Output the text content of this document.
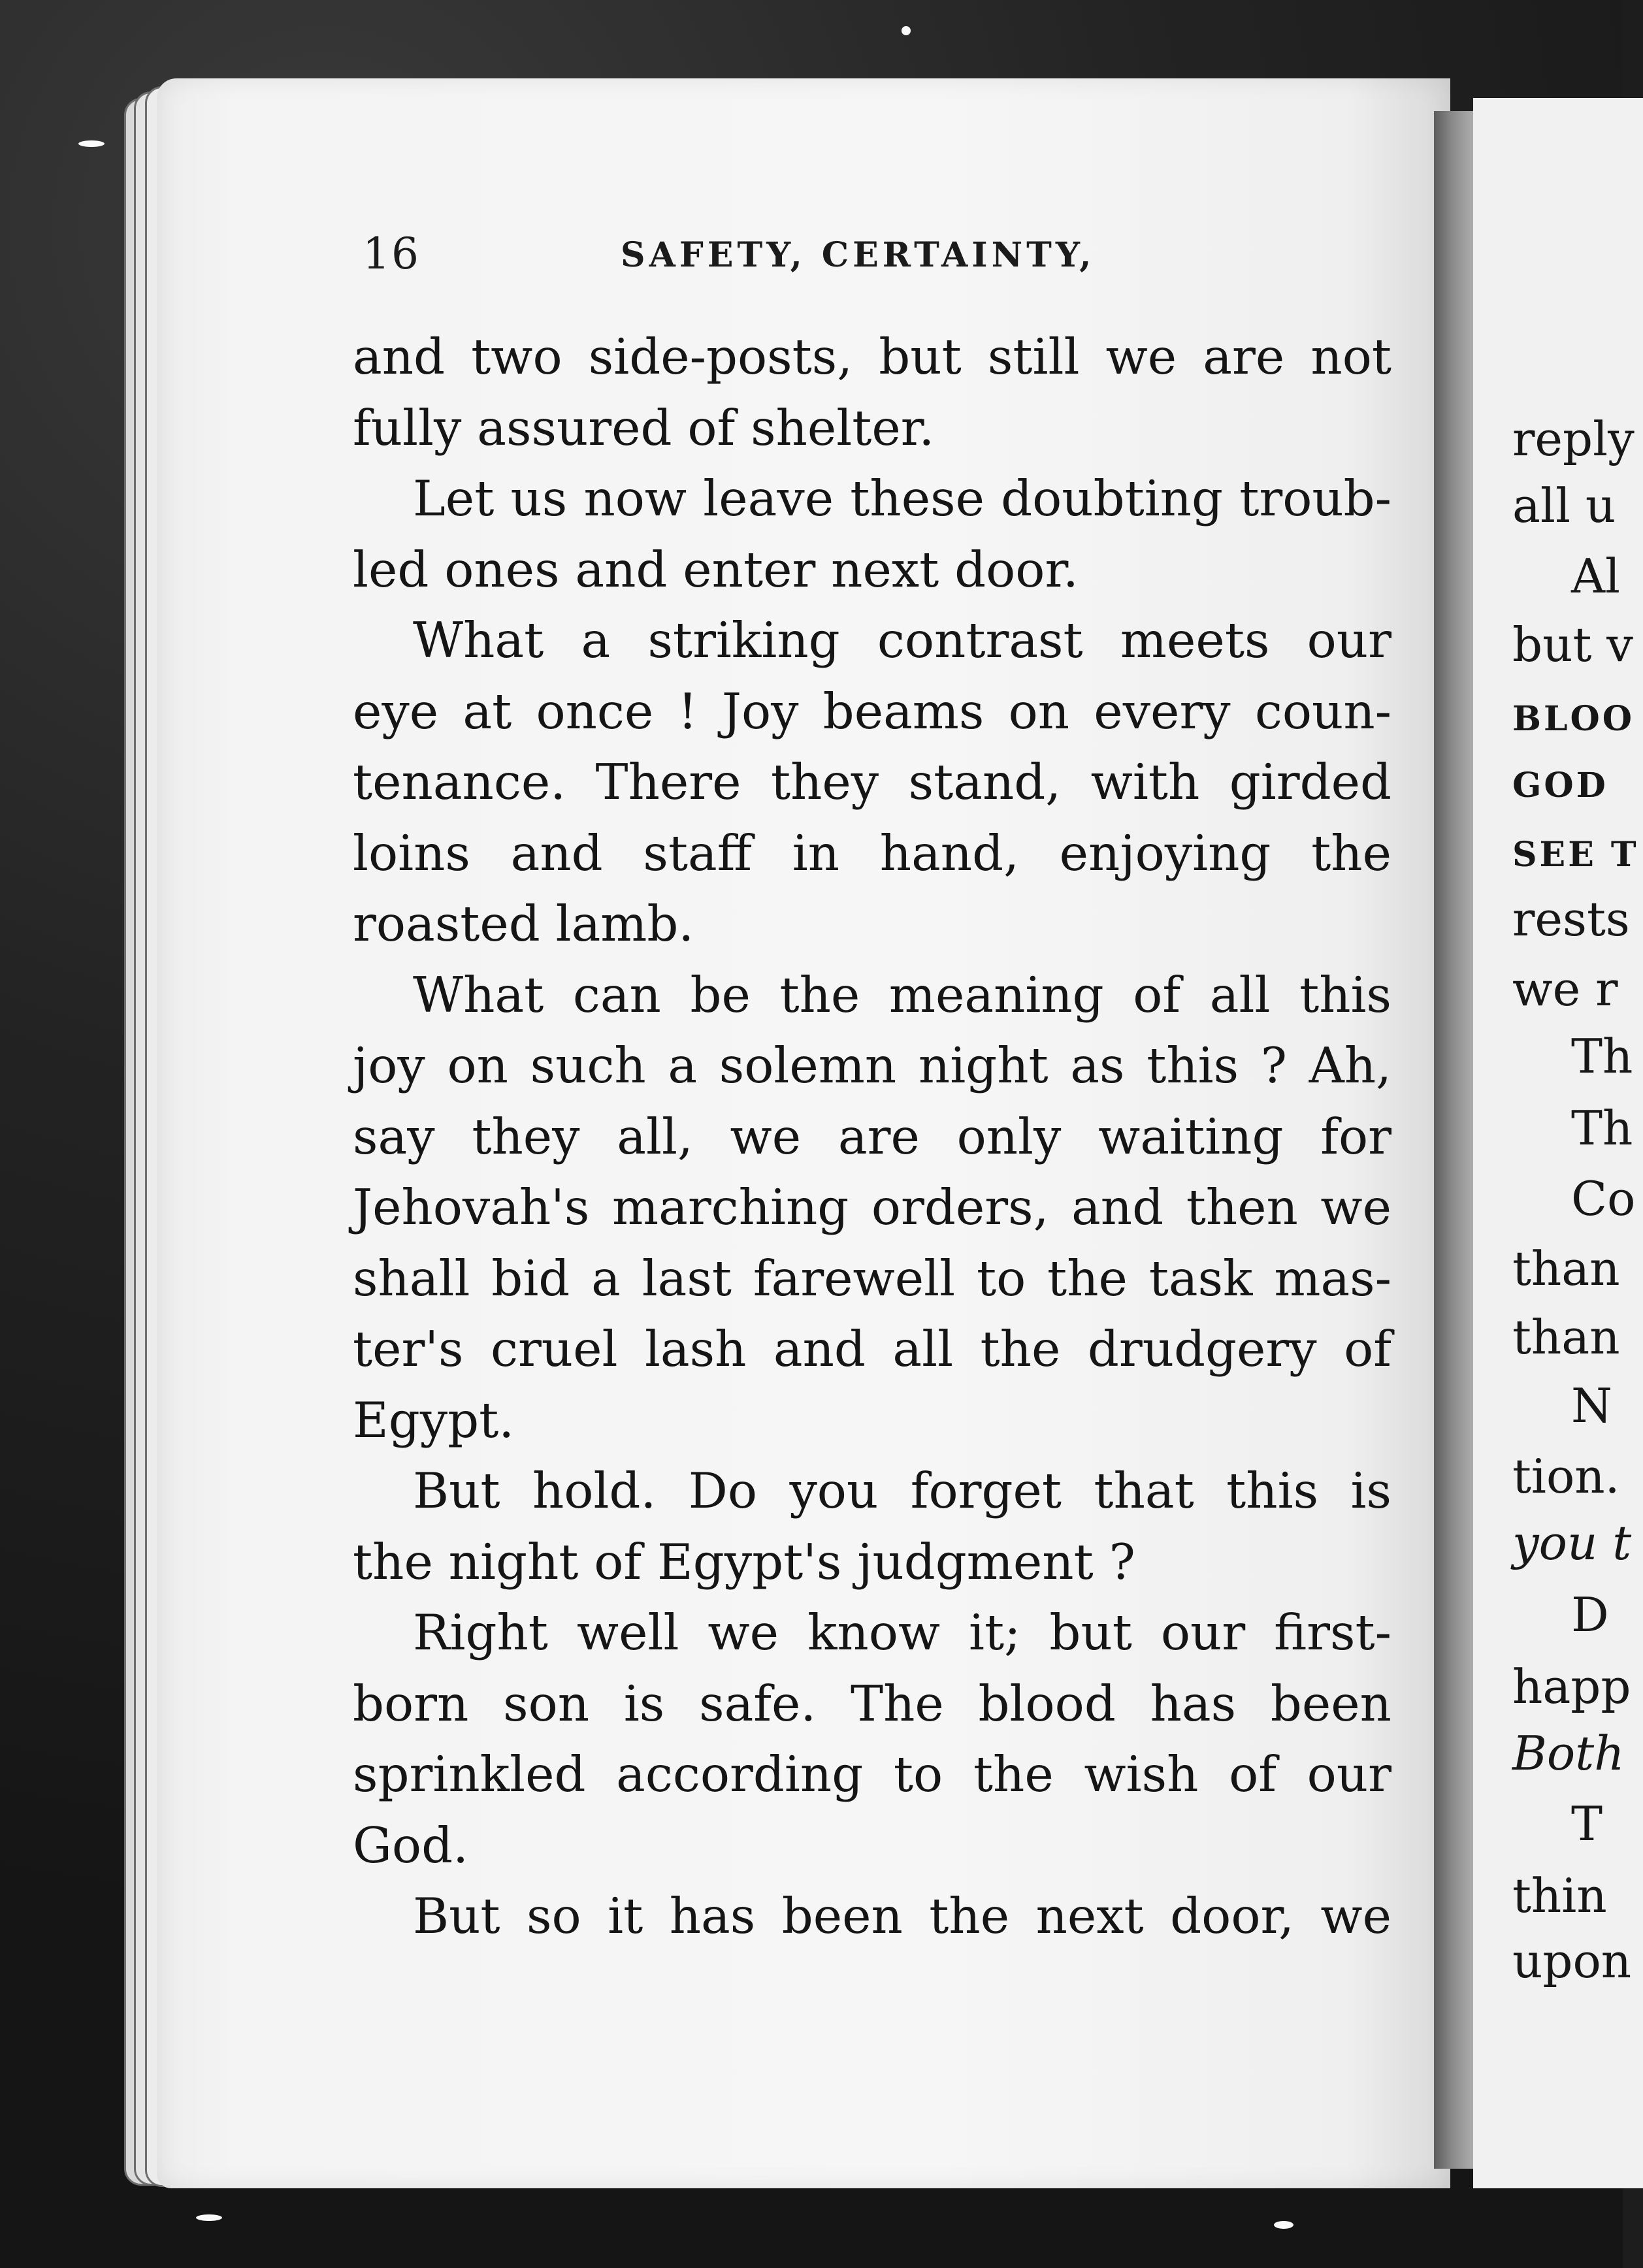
reply
all u
Al
but v
BLOO
GOD
SEE T
rests
we r
Th
Th
Co
than
than
N
tion.
you t
D
happ
Both
T
thin
upon
16	SAFETY, CERTAINTY,
and two side-posts, but still we are not
fully assured of shelter.
Let us now leave these doubting troub-
led ones and enter next door.
What a striking contrast meets our
eye at once ! Joy beams on every coun-
tenance. There they stand, with girded
loins and staff in hand, enjoying the
roasted lamb.
What can be the meaning of all this
joy on such a solemn night as this ? Ah,
say they all, we are only waiting for
Jehovah's marching orders, and then we
shall bid a last farewell to the task mas-
ter's cruel lash and all the drudgery of
Egypt.
But hold. Do you forget that this is
the night of Egypt's judgment ?
Right well we know it; but our first-
born son is safe. The blood has been
sprinkled according to the wish of our
God.
But so it has been the next door, we
